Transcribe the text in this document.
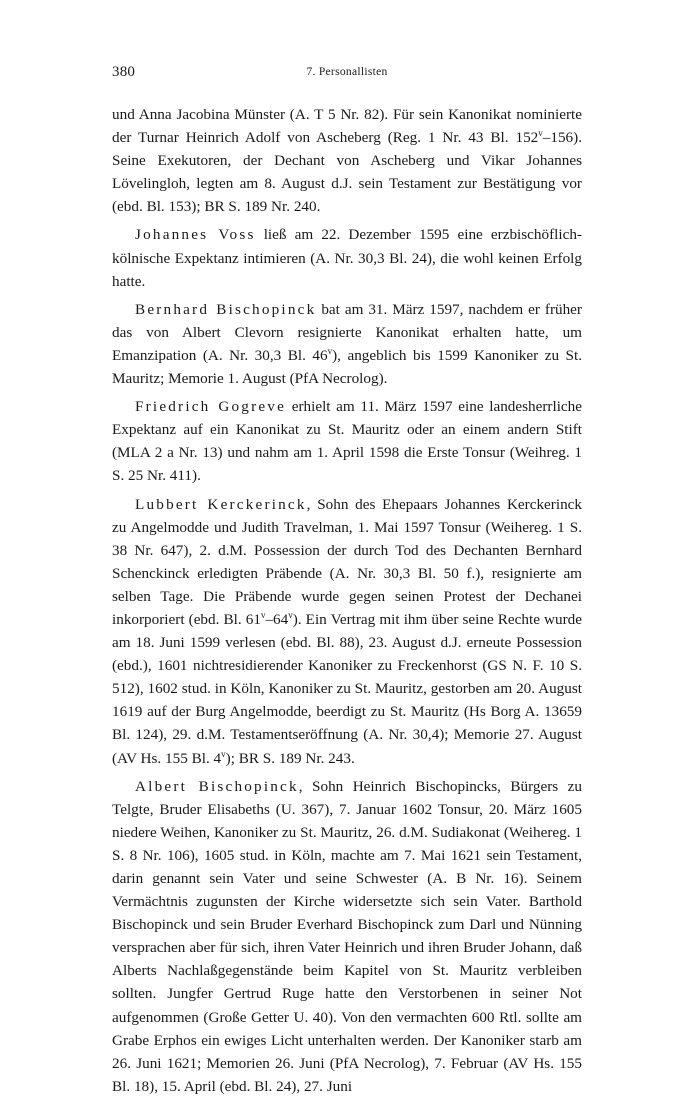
380	7. Personallisten

und Anna Jacobina Münster (A. T 5 Nr. 82). Für sein Kanonikat nominierte der Turnar Heinrich Adolf von Ascheberg (Reg. 1 Nr. 43 Bl. 152$^v$–156). Seine Exekutoren, der Dechant von Ascheberg und Vikar Johannes Lövelingloh, legten am 8. August d.J. sein Testament zur Bestätigung vor (ebd. Bl. 153); BR S. 189 Nr. 240.

Johannes Voss ließ am 22. Dezember 1595 eine erzbischöflich-kölnische Expektanz intimieren (A. Nr. 30,3 Bl. 24), die wohl keinen Erfolg hatte.

Bernhard Bischopinck bat am 31. März 1597, nachdem er früher das von Albert Clevorn resignierte Kanonikat erhalten hatte, um Emanzipation (A. Nr. 30,3 Bl. 46$^v$), angeblich bis 1599 Kanoniker zu St. Mauritz; Memorie 1. August (PfA Necrolog).

Friedrich Gogreve erhielt am 11. März 1597 eine landesherrliche Expektanz auf ein Kanonikat zu St. Mauritz oder an einem andern Stift (MLA 2 a Nr. 13) und nahm am 1. April 1598 die Erste Tonsur (Weihreg. 1 S. 25 Nr. 411).

Lubbert Kerckerinck, Sohn des Ehepaars Johannes Kerckerinck zu Angelmodde und Judith Travelman, 1. Mai 1597 Tonsur (Weihereg. 1 S. 38 Nr. 647), 2. d.M. Possession der durch Tod des Dechanten Bernhard Schenckinck erledigten Präbende (A. Nr. 30,3 Bl. 50 f.), resignierte am selben Tage. Die Präbende wurde gegen seinen Protest der Dechanei inkorporiert (ebd. Bl. 61$^v$–64$^v$). Ein Vertrag mit ihm über seine Rechte wurde am 18. Juni 1599 verlesen (ebd. Bl. 88), 23. August d.J. erneute Possession (ebd.), 1601 nichtresidierender Kanoniker zu Freckenhorst (GS N. F. 10 S. 512), 1602 stud. in Köln, Kanoniker zu St. Mauritz, gestorben am 20. August 1619 auf der Burg Angelmodde, beerdigt zu St. Mauritz (Hs Borg A. 13659 Bl. 124), 29. d.M. Testamentseröffnung (A. Nr. 30,4); Memorie 27. August (AV Hs. 155 Bl. 4$^v$); BR S. 189 Nr. 243.

Albert Bischopinck, Sohn Heinrich Bischopincks, Bürgers zu Telgte, Bruder Elisabeths (U. 367), 7. Januar 1602 Tonsur, 20. März 1605 niedere Weihen, Kanoniker zu St. Mauritz, 26. d.M. Sudiakonat (Weihereg. 1 S. 8 Nr. 106), 1605 stud. in Köln, machte am 7. Mai 1621 sein Testament, darin genannt sein Vater und seine Schwester (A. B Nr. 16). Seinem Vermächtnis zugunsten der Kirche widersetzte sich sein Vater. Barthold Bischopinck und sein Bruder Everhard Bischopinck zum Darl und Nünning versprachen aber für sich, ihren Vater Heinrich und ihren Bruder Johann, daß Alberts Nachlaßgegenstände beim Kapitel von St. Mauritz verbleiben sollten. Jungfer Gertrud Ruge hatte den Verstorbenen in seiner Not aufgenommen (Große Getter U. 40). Von den vermachten 600 Rtl. sollte am Grabe Erphos ein ewiges Licht unterhalten werden. Der Kanoniker starb am 26. Juni 1621; Memorien 26. Juni (PfA Necrolog), 7. Februar (AV Hs. 155 Bl. 18), 15. April (ebd. Bl. 24), 27. Juni
